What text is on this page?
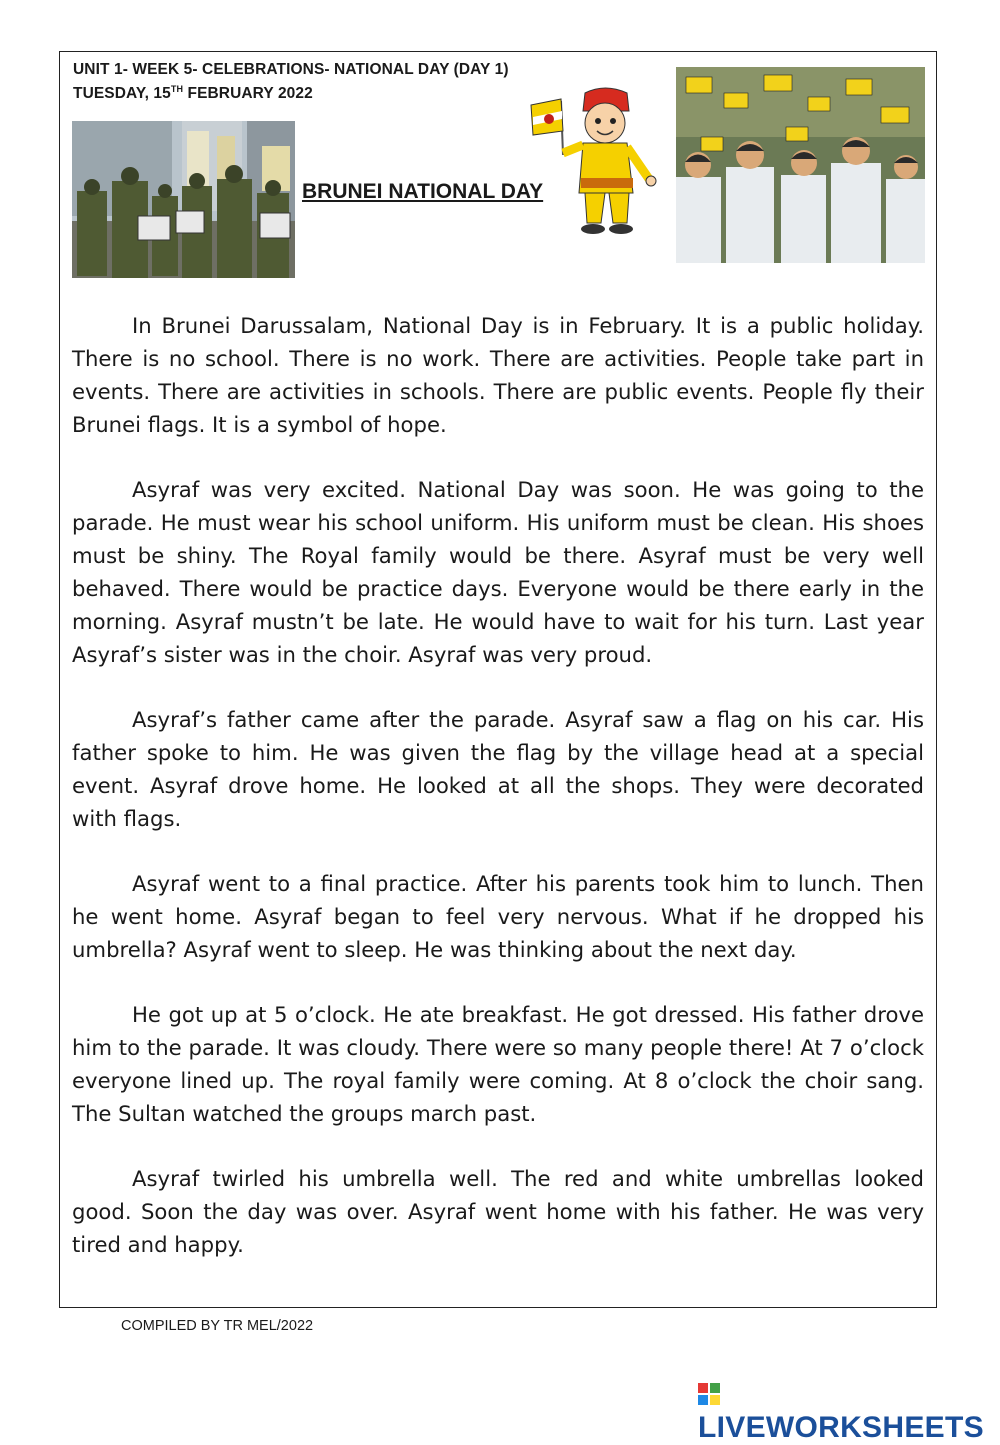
UNIT 1- WEEK 5- CELEBRATIONS- NATIONAL DAY (DAY 1)
TUESDAY, 15TH FEBRUARY 2022
BRUNEI NATIONAL DAY

In Brunei Darussalam, National Day is in February. It is a public holiday. There is no school. There is no work. There are activities. People take part in events. There are activities in schools. There are public events. People fly their Brunei flags. It is a symbol of hope.

Asyraf was very excited. National Day was soon. He was going to the parade. He must wear his school uniform. His uniform must be clean. His shoes must be shiny. The Royal family would be there. Asyraf must be very well behaved. There would be practice days. Everyone would be there early in the morning. Asyraf mustn’t be late. He would have to wait for his turn. Last year Asyraf’s sister was in the choir. Asyraf was very proud.

Asyraf’s father came after the parade. Asyraf saw a flag on his car. His father spoke to him. He was given the flag by the village head at a special event. Asyraf drove home. He looked at all the shops. They were decorated with flags.

Asyraf went to a final practice. After his parents took him to lunch. Then he went home. Asyraf began to feel very nervous. What if he dropped his umbrella? Asyraf went to sleep. He was thinking about the next day.

He got up at 5 o’clock. He ate breakfast. He got dressed. His father drove him to the parade. It was cloudy. There were so many people there! At 7 o’clock everyone lined up. The royal family were coming. At 8 o’clock the choir sang. The Sultan watched the groups march past.

Asyraf twirled his umbrella well. The red and white umbrellas looked good. Soon the day was over. Asyraf went home with his father. He was very tired and happy.

COMPILED BY TR MEL/2022
LIVEWORKSHEETS
